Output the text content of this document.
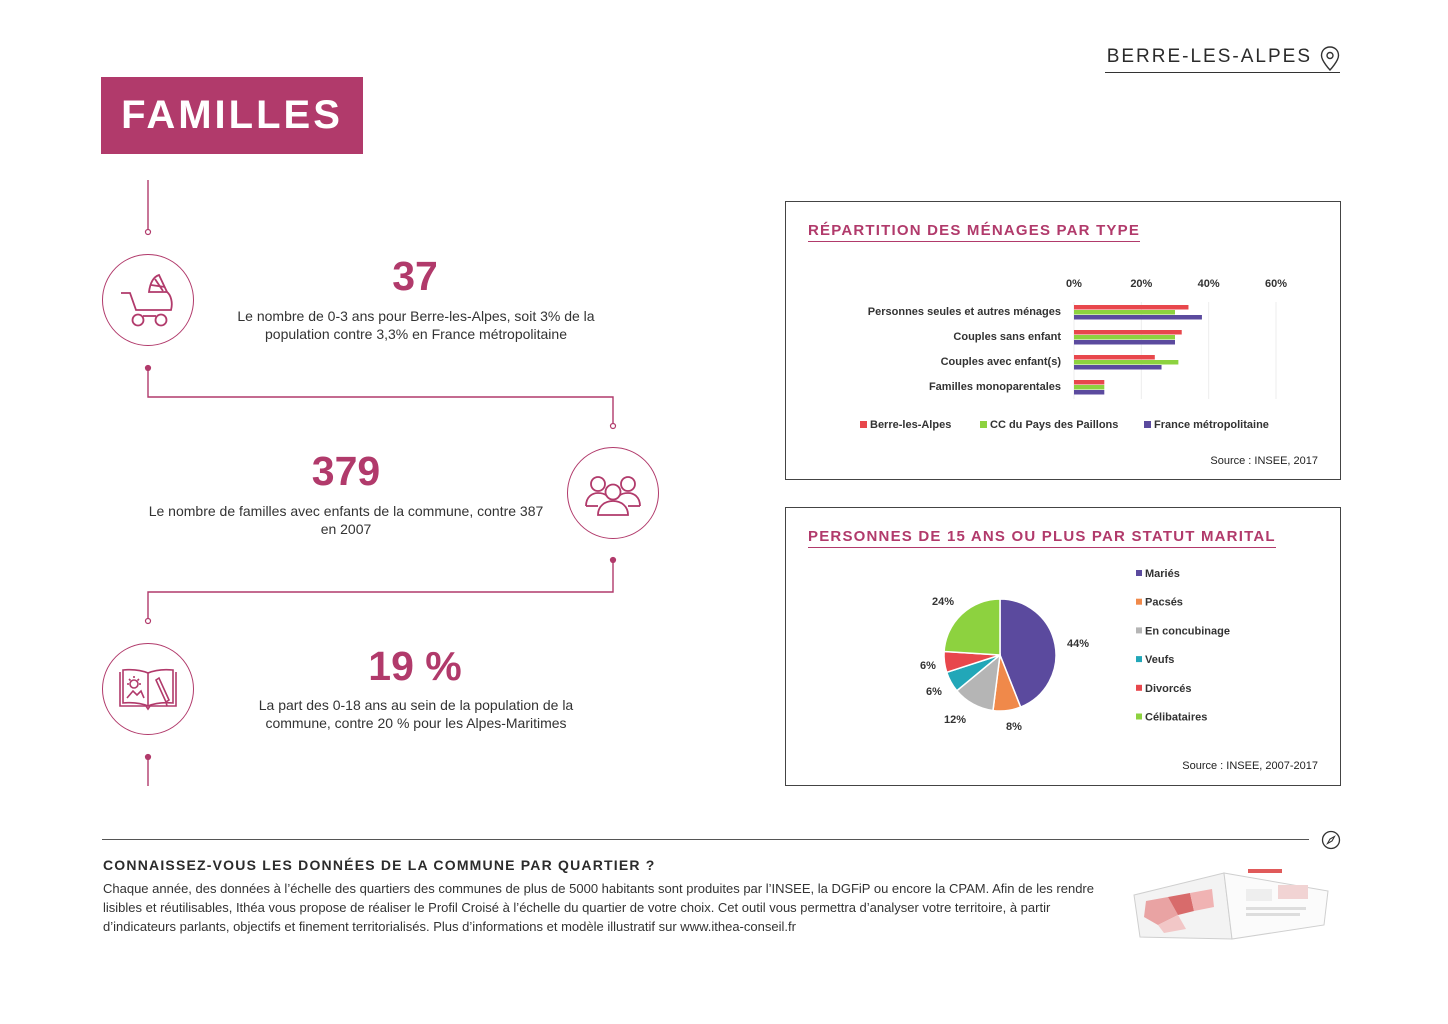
BERRE-LES-ALPES
FAMILLES
37
Le nombre de 0-3 ans pour Berre-les-Alpes, soit 3% de la population contre 3,3% en France métropolitaine
379
Le nombre de familles avec enfants de la commune, contre 387 en 2007
19 %
La part des 0-18 ans au sein de la population de la commune, contre 20 % pour les Alpes-Maritimes
RÉPARTITION DES MÉNAGES PAR TYPE
0%	20%	40%	60%
Personnes seules et autres ménages
Couples sans enfant
Couples avec enfant(s)
Familles monoparentales
Berre-les-Alpes	CC du Pays des Paillons	France métropolitaine
Source : INSEE, 2017
PERSONNES DE 15 ANS OU PLUS PAR STATUT MARITAL
44%
8%
12%
6%
6%
24%
Mariés
Pacsés
En concubinage
Veufs
Divorcés
Célibataires
Source : INSEE, 2007-2017
CONNAISSEZ-VOUS LES DONNÉES DE LA COMMUNE PAR QUARTIER ?
Chaque année, des données à l’échelle des quartiers des communes de plus de 5000 habitants sont produites par l’INSEE, la DGFiP ou encore la CPAM. Afin de les rendre lisibles et réutilisables, Ithéa vous propose de réaliser le Profil Croisé à l’échelle du quartier de votre choix. Cet outil vous permettra d’analyser votre territoire, à partir d’indicateurs parlants, objectifs et finement territorialisés. Plus d’informations et modèle illustratif sur www.ithea-conseil.fr
